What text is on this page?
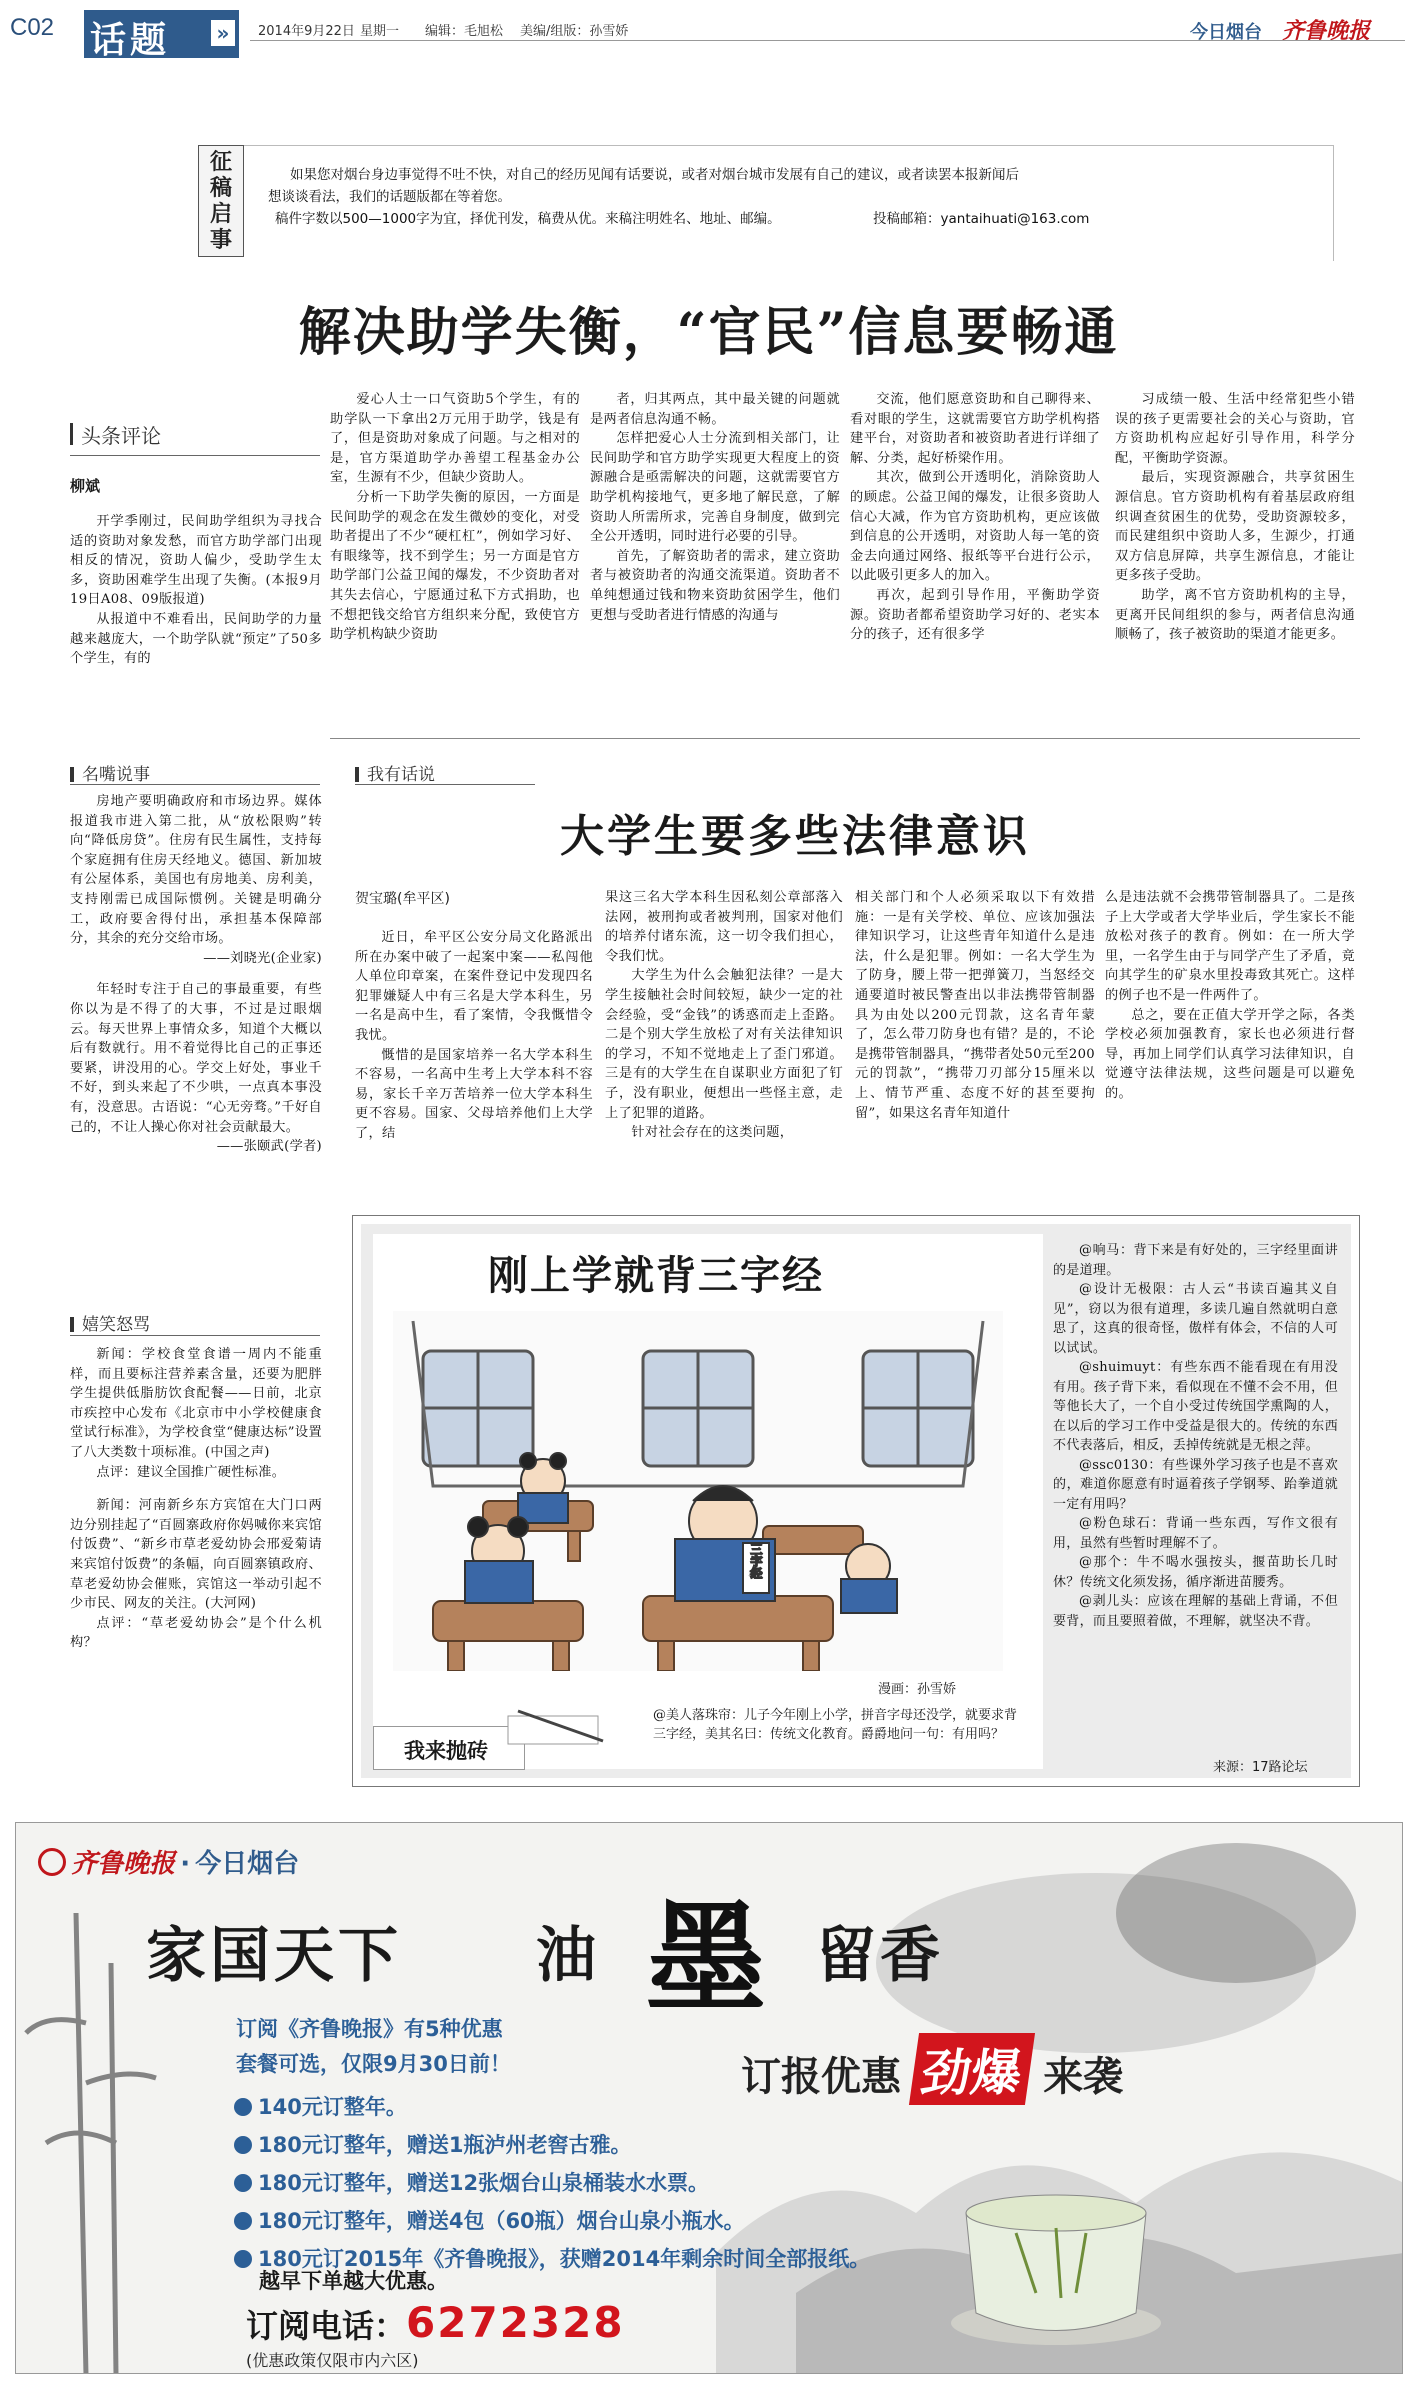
C02 话题 »	2014年9月22日 星期一 编辑：毛旭松 美编/组版：孙雪娇	今日烟台 齐鲁晚报
征
稿
启
事
如果您对烟台身边事觉得不吐不快，对自己的经历见闻有话要说，或者对烟台城市发展有自己的建议，或者读罢本报新闻后
想谈谈看法，我们的话题版都在等着您。
稿件字数以500—1000字为宜，择优刊发，稿费从优。来稿注明姓名、地址、邮编。	投稿邮箱：yantaihuati@163.com
解决助学失衡，“官民”信息要畅通
头条评论
柳斌

开学季刚过，民间助学组织为寻找合适的资助对象发愁，而官方助学部门出现相反的情况，资助人偏少，受助学生太多，资助困难学生出现了失衡。(本报9月19日A08、09版报道)

从报道中不难看出，民间助学的力量越来越庞大，一个助学队就“预定”了50多个学生，有的

爱心人士一口气资助5个学生，有的助学队一下拿出2万元用于助学，钱是有了，但是资助对象成了问题。与之相对的是，官方渠道助学办善望工程基金办公室，生源有不少，但缺少资助人。

分析一下助学失衡的原因，一方面是民间助学的观念在发生微妙的变化，对受助者提出了不少“硬杠杠”，例如学习好、有眼缘等，找不到学生；另一方面是官方助学部门公益卫闻的爆发，不少资助者对其失去信心，宁愿通过私下方式捐助，也不想把钱交给官方组织来分配，致使官方助学机构缺少资助

者，归其两点，其中最关键的问题就是两者信息沟通不畅。

怎样把爱心人士分流到相关部门，让民间助学和官方助学实现更大程度上的资源融合是亟需解决的问题，这就需要官方助学机构接地气，更多地了解民意，了解资助人所需所求，完善自身制度，做到完全公开透明，同时进行必要的引导。

首先，了解资助者的需求，建立资助者与被资助者的沟通交流渠道。资助者不单纯想通过钱和物来资助贫困学生，他们更想与受助者进行情感的沟通与

交流，他们愿意资助和自己聊得来、看对眼的学生，这就需要官方助学机构搭建平台，对资助者和被资助者进行详细了解、分类，起好桥梁作用。

其次，做到公开透明化，消除资助人的顾虑。公益卫闻的爆发，让很多资助人信心大减，作为官方资助机构，更应该做到信息的公开透明，对资助人每一笔的资金去向通过网络、报纸等平台进行公示，以此吸引更多人的加入。

再次，起到引导作用，平衡助学资源。资助者都希望资助学习好的、老实本分的孩子，还有很多学

习成绩一般、生活中经常犯些小错误的孩子更需要社会的关心与资助，官方资助机构应起好引导作用，科学分配，平衡助学资源。

最后，实现资源融合，共享贫困生源信息。官方资助机构有着基层政府组织调查贫困生的优势，受助资源较多，而民建组织中资助人多，生源少，打通双方信息屏障，共享生源信息，才能让更多孩子受助。

助学，离不官方资助机构的主导，更离开民间组织的参与，两者信息沟通顺畅了，孩子被资助的渠道才能更多。

名嘴说事

房地产要明确政府和市场边界。媒体报道我市进入第二批，从“放松限购”转向“降低房贷”。住房有民生属性，支持每个家庭拥有住房天经地义。德国、新加坡有公屋体系，美国也有房地美、房利美，支持刚需已成国际惯例。关键是明确分工，政府要舍得付出，承担基本保障部分，其余的充分交给市场。

——刘晓光(企业家)

年轻时专注于自己的事最重要，有些你以为是不得了的大事，不过是过眼烟云。每天世界上事情众多，知道个大概以后有数就行。用不着觉得比自己的正事还要紧，讲没用的心。学交上好处，事业千不好，到头来起了不少哄，一点真本事没有，没意思。古语说：“心无旁骛。”千好自己的，不让人操心你对社会贡献最大。

——张颐武(学者)
嬉笑怒骂

新闻：学校食堂食谱一周内不能重样，而且要标注营养素含量，还要为肥胖学生提供低脂肪饮食配餐——日前，北京市疾控中心发布《北京市中小学校健康食堂试行标准》，为学校食堂“健康达标”设置了八大类数十项标准。(中国之声)

点评：建议全国推广硬性标准。

新闻：河南新乡东方宾馆在大门口两边分别挂起了“百圆寨政府你妈喊你来宾馆付饭费”、“新乡市草老爱幼协会邢爱菊请来宾馆付饭费”的条幅，向百圆寨镇政府、草老爱幼协会催账，宾馆这一举动引起不少市民、网友的关注。(大河网)

点评：“草老爱幼协会”是个什么机构？

我有话说
大学生要多些法律意识
贺宝璐(牟平区)

近日，牟平区公安分局文化路派出所在办案中破了一起案中案——私闯他人单位印章案，在案件登记中发现四名犯罪嫌疑人中有三名是大学本科生，另一名是高中生，看了案情，令我慨惜令我忧。

慨惜的是国家培养一名大学本科生不容易，一名高中生考上大学本科不容易，家长千辛万苦培养一位大学本科生更不容易。国家、父母培养他们上大学了，结

果这三名大学本科生因私刻公章部落入法网，被刑拘或者被判刑，国家对他们的培养付诸东流，这一切令我们担心，令我们忧。

大学生为什么会触犯法律？一是大学生接触社会时间较短，缺少一定的社会经验，受“金钱”的诱惑而走上歪路。二是个别大学生放松了对有关法律知识的学习，不知不觉地走上了歪门邪道。三是有的大学生在自谋职业方面犯了钉子，没有职业，便想出一些怪主意，走上了犯罪的道路。

针对社会存在的这类问题，

相关部门和个人必须采取以下有效措施：一是有关学校、单位、应该加强法律知识学习，让这些青年知道什么是违法，什么是犯罪。例如：一名大学生为了防身，腰上带一把弹簧刀，当怒经交通要道时被民警查出以非法携带管制器具为由处以200元罚款，这名青年蒙了，怎么带刀防身也有错？是的，不论是携带管制器具，“携带者处50元至200元的罚款”，“携带刀刃部分15厘米以上、情节严重、态度不好的甚至要拘留”，如果这名青年知道什

么是违法就不会携带管制器具了。二是孩子上大学或者大学毕业后，学生家长不能放松对孩子的教育。例如：在一所大学里，一名学生由于与同学产生了矛盾，竟向其学生的矿泉水里投毒致其死亡。这样的例子也不是一件两件了。

总之，要在正值大学开学之际，各类学校必须加强教育，家长也必须进行督导，再加上同学们认真学习法律知识，自觉遵守法律法规，这些问题是可以避免的。

刚上学就背三字经
三字经
漫画：孙雪娇
@美人落珠帘：儿子今年刚上小学，拼音字母还没学，就要求背三字经，美其名曰：传统文化教育。爵爵地问一句：有用吗？
我来抛砖

@响马：背下来是有好处的，三字经里面讲的是道理。

@设计无极限：古人云“书读百遍其义自见”，窃以为很有道理，多读几遍自然就明白意思了，这真的很奇怪，傲样有体会，不信的人可以试试。

@shuimuyt：有些东西不能看现在有用没有用。孩子背下来，看似现在不懂不会不用，但等他长大了，一个自小受过传统国学熏陶的人，在以后的学习工作中受益是很大的。传统的东西不代表落后，相反，丢掉传统就是无根之萍。

@ssc0130：有些课外学习孩子也是不喜欢的，难道你愿意有时逼着孩子学钢琴、跆拳道就一定有用吗？

@粉色球石：背诵一些东西，写作文很有用，虽然有些暂时理解不了。

@那个：牛不喝水强按头，揠苗助长几时休？传统文化须发扬，循序渐进苗腰秀。

@剥儿头：应该在理解的基础上背诵，不但要背，而且要照着做，不理解，就坚决不背。

来源：17路论坛
齐鲁晚报 · 今日烟台
家国天下 油 墨 留香
订报优惠 劲爆 来袭
订阅《齐鲁晚报》有5种优惠
套餐可选，仅限9月30日前！
140元订整年。
180元订整年，赠送1瓶泸州老窖古雅。
180元订整年，赠送12张烟台山泉桶装水水票。
180元订整年，赠送4包（60瓶）烟台山泉小瓶水。
180元订2015年《齐鲁晚报》，获赠2014年剩余时间全部报纸。
越早下单越大优惠。
订阅电话：6272328
(优惠政策仅限市内六区)
